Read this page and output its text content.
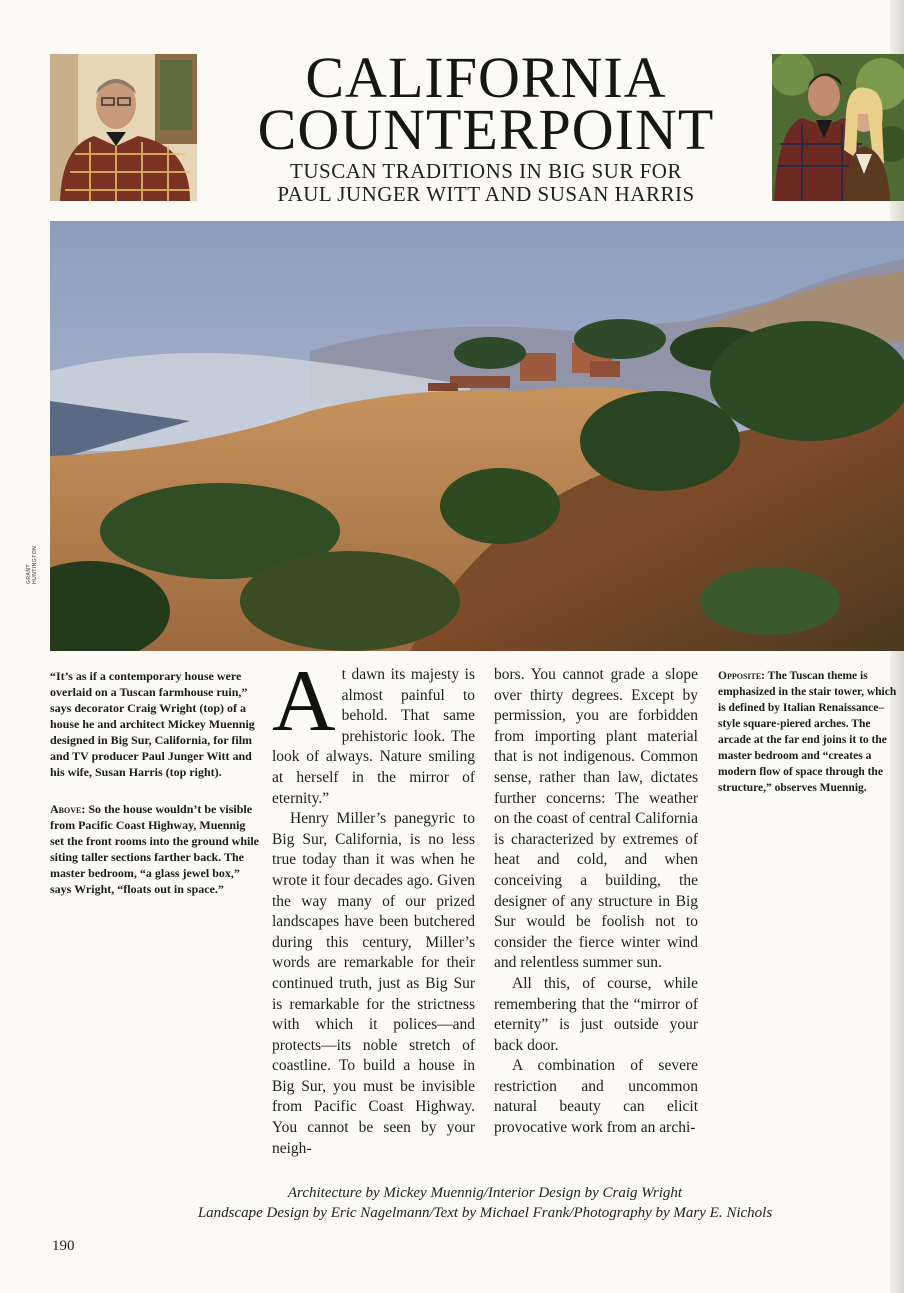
CALIFORNIA
COUNTERPOINT
TUSCAN TRADITIONS IN BIG SUR FOR
PAUL JUNGER WITT AND SUSAN HARRIS
GRANT HUNTINGTON
“It’s as if a contemporary house were overlaid on a Tuscan farmhouse ruin,” says decorator Craig Wright (top) of a house he and architect Mickey Muennig designed in Big Sur, California, for film and TV producer Paul Junger Witt and his wife, Susan Harris (top right).
Above: So the house wouldn’t be visible from Pacific Coast Highway, Muennig set the front rooms into the ground while siting taller sections farther back. The master bedroom, “a glass jewel box,” says Wright, “floats out in space.”
Opposite: The Tuscan theme is emphasized in the stair tower, which is defined by Italian Renaissance–style square-piered arches. The arcade at the far end joins it to the master bedroom and “creates a modern flow of space through the structure,” observes Muennig.

At dawn its majesty is almost painful to behold. That same prehistoric look. The look of always. Nature smiling at herself in the mirror of eternity.”

Henry Miller’s panegyric to Big Sur, California, is no less true today than it was when he wrote it four decades ago. Given the way many of our prized landscapes have been butchered during this century, Miller’s words are remarkable for their continued truth, just as Big Sur is remarkable for the strictness with which it polices—and protects—its noble stretch of coastline. To build a house in Big Sur, you must be invisible from Pacific Coast Highway. You cannot be seen by your neigh-

bors. You cannot grade a slope over thirty degrees. Except by permission, you are forbidden from importing plant material that is not indigenous. Common sense, rather than law, dictates further concerns: The weather on the coast of central California is characterized by extremes of heat and cold, and when conceiving a building, the designer of any structure in Big Sur would be foolish not to consider the fierce winter wind and relentless summer sun.

All this, of course, while remembering that the “mirror of eternity” is just outside your back door.

A combination of severe restriction and uncommon natural beauty can elicit provocative work from an archi-

Architecture by Mickey Muennig/Interior Design by Craig Wright
Landscape Design by Eric Nagelmann/Text by Michael Frank/Photography by Mary E. Nichols
190
